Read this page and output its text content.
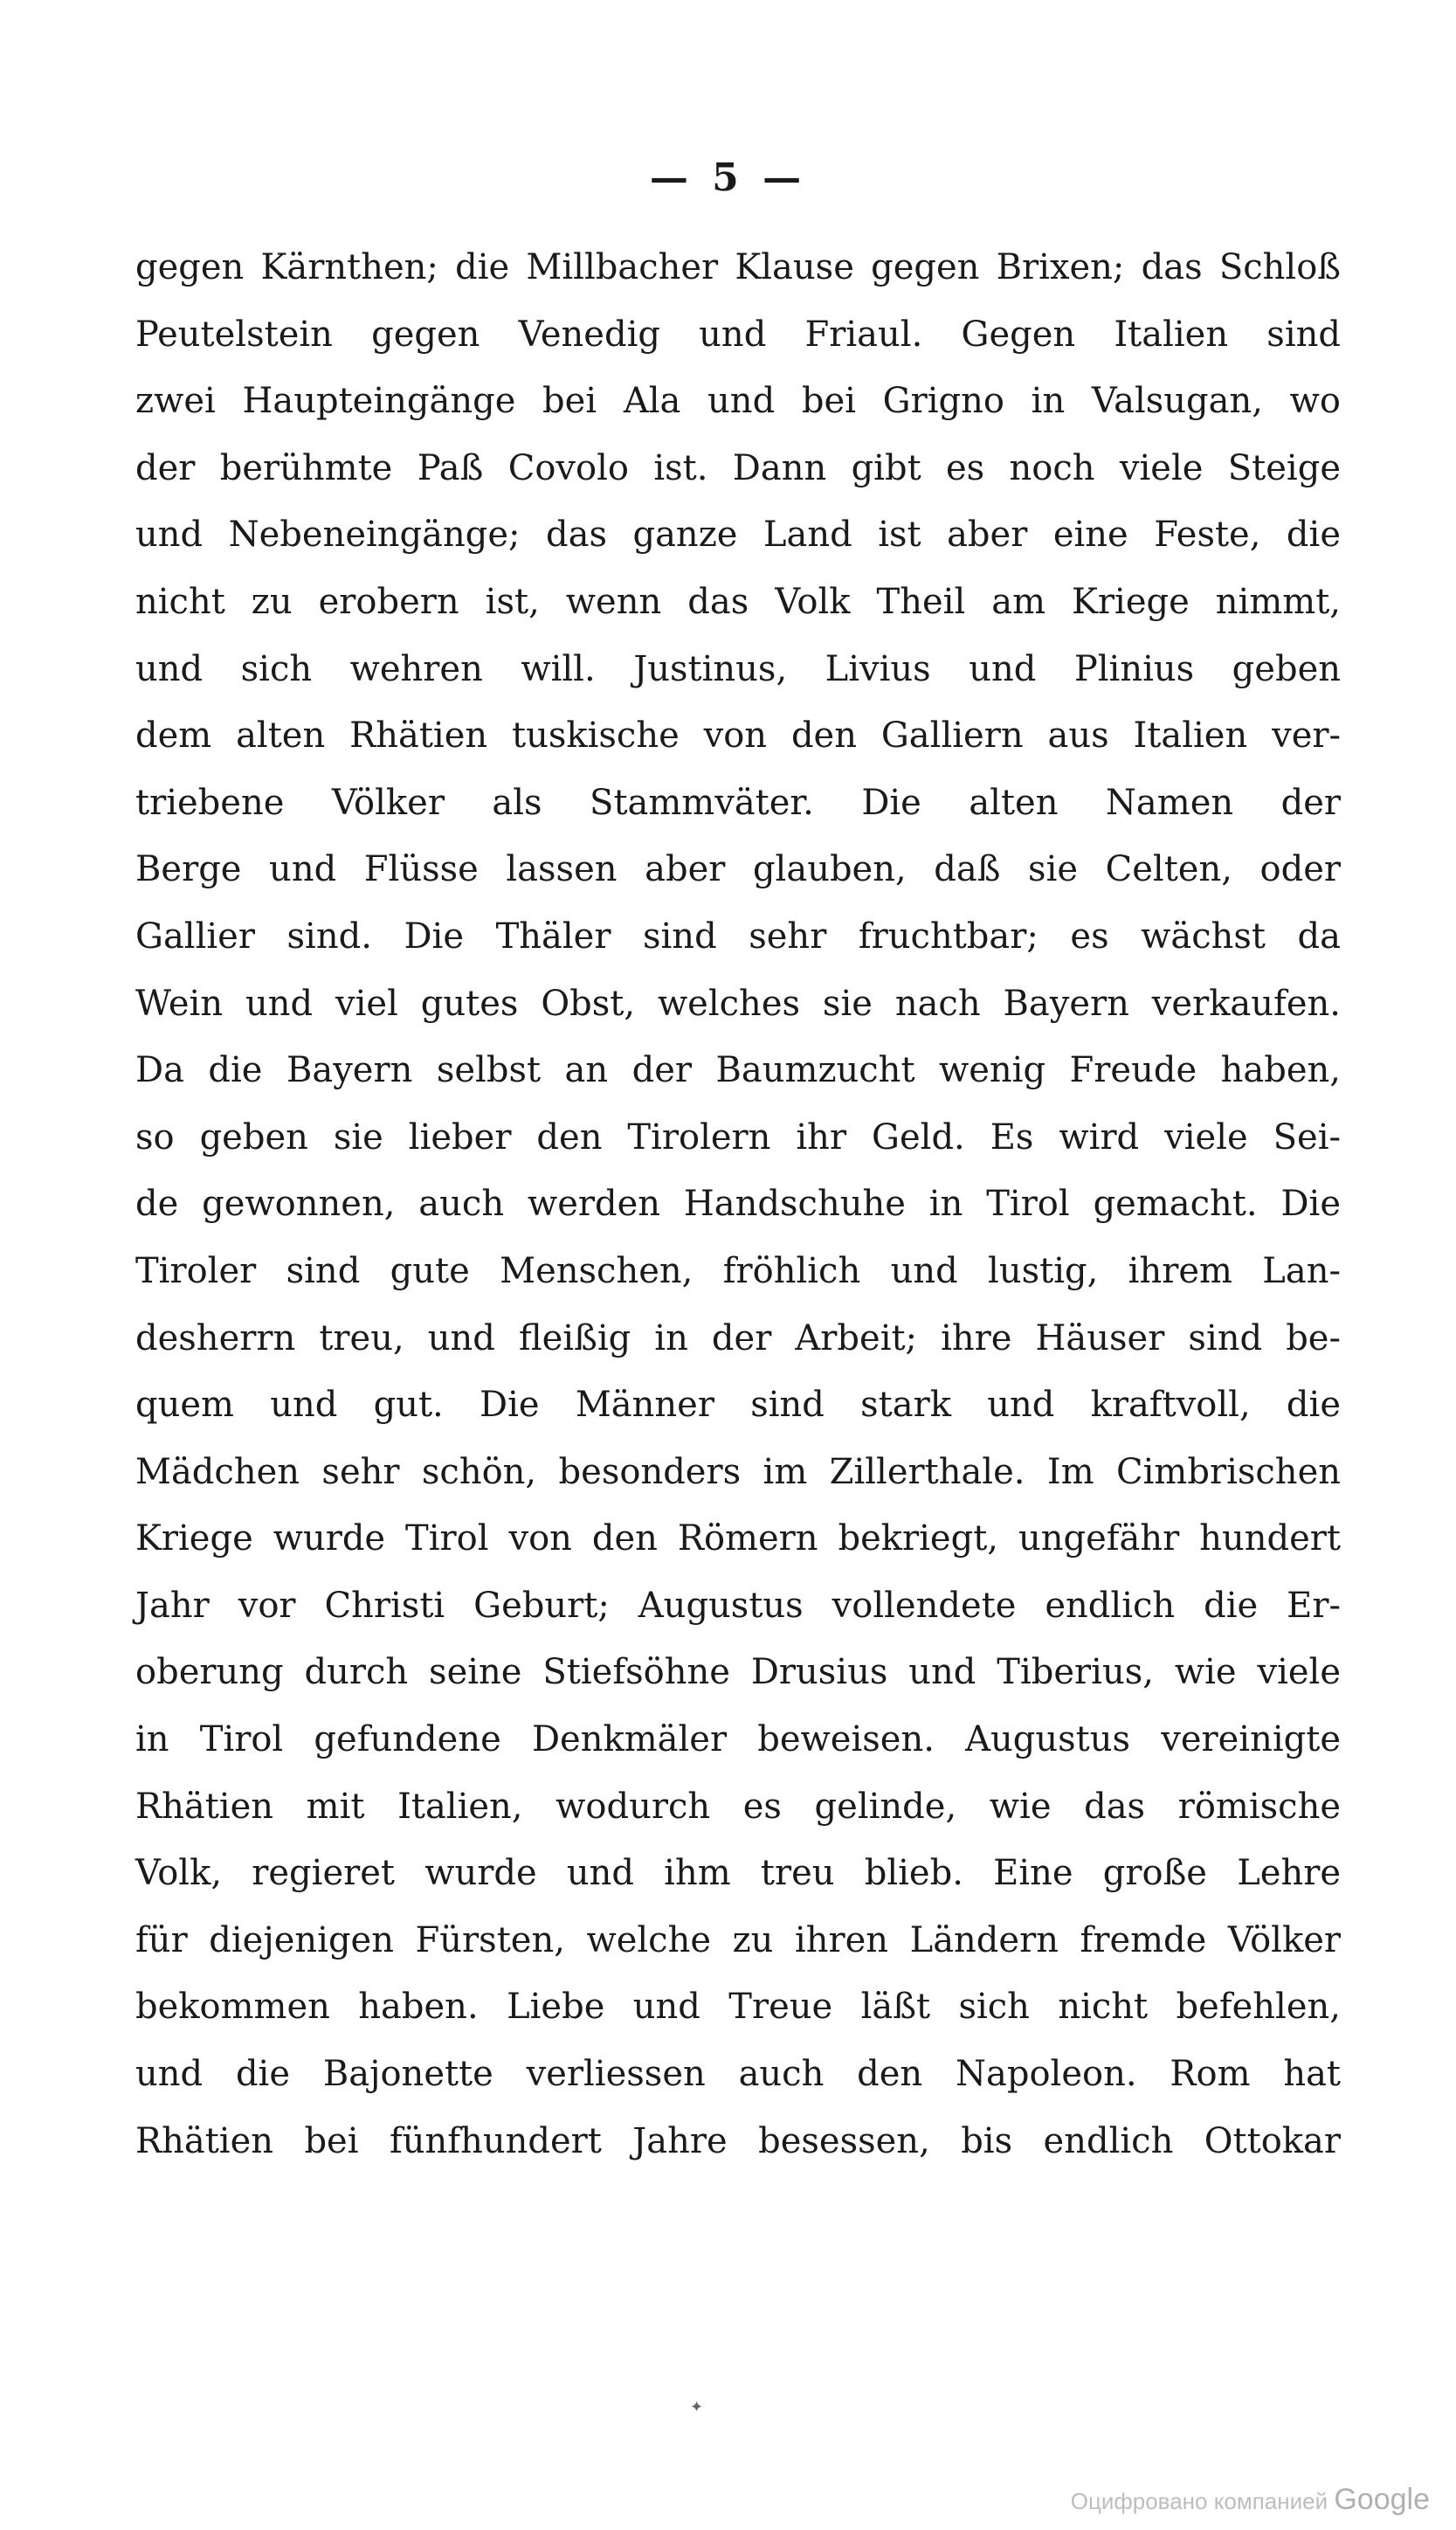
— 5 —
gegen Kärnthen; die Millbacher Klause gegen Brixen; das Schloß
Peutelstein gegen Venedig und Friaul. Gegen Italien sind
zwei Haupteingänge bei Ala und bei Grigno in Valsugan, wo
der berühmte Paß Covolo ist. Dann gibt es noch viele Steige
und Nebeneingänge; das ganze Land ist aber eine Feste, die
nicht zu erobern ist, wenn das Volk Theil am Kriege nimmt,
und sich wehren will. Justinus, Livius und Plinius geben
dem alten Rhätien tuskische von den Galliern aus Italien ver-
triebene Völker als Stammväter. Die alten Namen der
Berge und Flüsse lassen aber glauben, daß sie Celten, oder
Gallier sind. Die Thäler sind sehr fruchtbar; es wächst da
Wein und viel gutes Obst, welches sie nach Bayern verkaufen.
Da die Bayern selbst an der Baumzucht wenig Freude haben,
so geben sie lieber den Tirolern ihr Geld. Es wird viele Sei-
de gewonnen, auch werden Handschuhe in Tirol gemacht. Die
Tiroler sind gute Menschen, fröhlich und lustig, ihrem Lan-
desherrn treu, und fleißig in der Arbeit; ihre Häuser sind be-
quem und gut. Die Männer sind stark und kraftvoll, die
Mädchen sehr schön, besonders im Zillerthale. Im Cimbrischen
Kriege wurde Tirol von den Römern bekriegt, ungefähr hundert
Jahr vor Christi Geburt; Augustus vollendete endlich die Er-
oberung durch seine Stiefsöhne Drusius und Tiberius, wie viele
in Tirol gefundene Denkmäler beweisen. Augustus vereinigte
Rhätien mit Italien, wodurch es gelinde, wie das römische
Volk, regieret wurde und ihm treu blieb. Eine große Lehre
für diejenigen Fürsten, welche zu ihren Ländern fremde Völker
bekommen haben. Liebe und Treue läßt sich nicht befehlen,
und die Bajonette verliessen auch den Napoleon. Rom hat
Rhätien bei fünfhundert Jahre besessen, bis endlich Ottokar
✦
Оцифровано компанией Google
